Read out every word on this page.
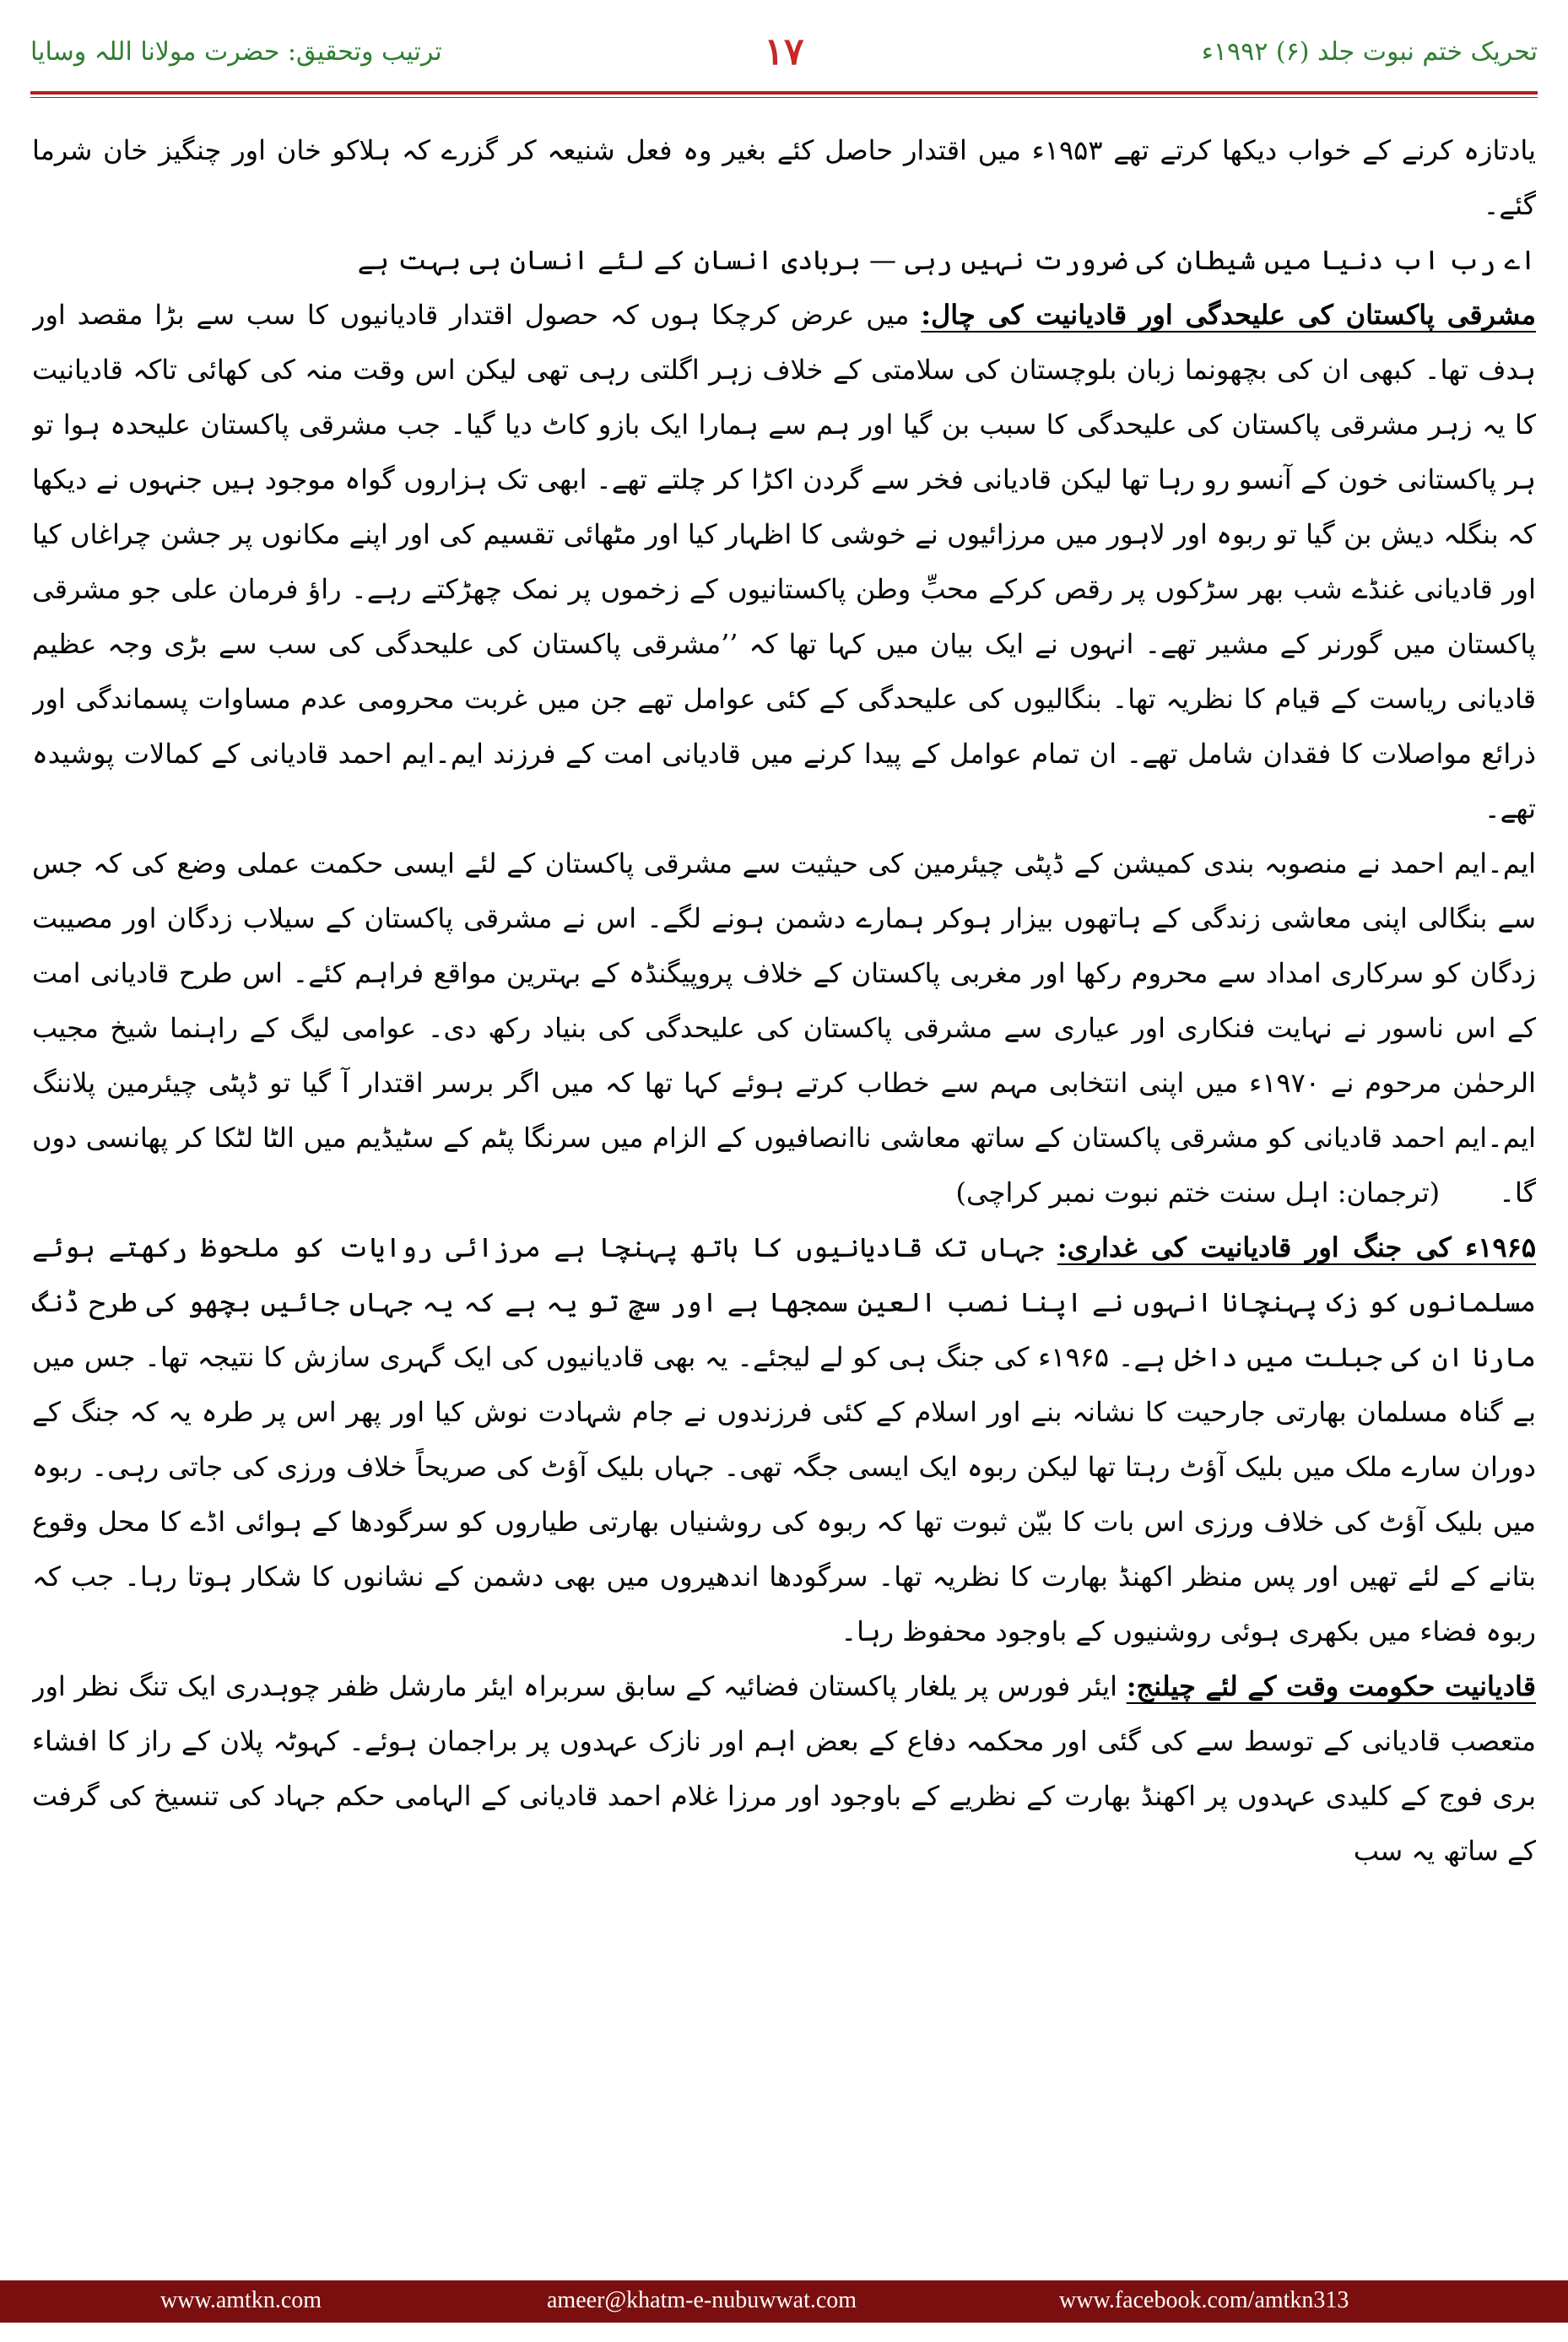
ترتیب وتحقیق: حضرت مولانا اللہ وسایا	۱۷	تحریک ختم نبوت جلد (۶) ۱۹۹۲ء

یادتازہ کرنے کے خواب دیکھا کرتے تھے ۱۹۵۳ء میں اقتدار حاصل کئے بغیر وہ فعل شنیعہ کر گزرے کہ ہلاکو خان اور چنگیز خان شرما گئے۔

اے رب اب دنیا میں شیطان کی ضرورت نہیں رہی — بربادی انسان کے لئے انسان ہی بہت ہے

مشرقی پاکستان کی علیحدگی اور قادیانیت کی چال: میں عرض کرچکا ہوں کہ حصول اقتدار قادیانیوں کا سب سے بڑا مقصد اور ہدف تھا۔ کبھی ان کی بچھونما زبان بلوچستان کی سلامتی کے خلاف زہر اگلتی رہی تھی لیکن اس وقت منہ کی کھائی تاکہ قادیانیت کا یہ زہر مشرقی پاکستان کی علیحدگی کا سبب بن گیا اور ہم سے ہمارا ایک بازو کاٹ دیا گیا۔ جب مشرقی پاکستان علیحدہ ہوا تو ہر پاکستانی خون کے آنسو رو رہا تھا لیکن قادیانی فخر سے گردن اکڑا کر چلتے تھے۔ ابھی تک ہزاروں گواہ موجود ہیں جنہوں نے دیکھا کہ بنگلہ دیش بن گیا تو ربوہ اور لاہور میں مرزائیوں نے خوشی کا اظہار کیا اور مٹھائی تقسیم کی اور اپنے مکانوں پر جشن چراغاں کیا اور قادیانی غنڈے شب بھر سڑکوں پر رقص کرکے محبِّ وطن پاکستانیوں کے زخموں پر نمک چھڑکتے رہے۔ راؤ فرمان علی جو مشرقی پاکستان میں گورنر کے مشیر تھے۔ انہوں نے ایک بیان میں کہا تھا کہ ’’مشرقی پاکستان کی علیحدگی کی سب سے بڑی وجہ عظیم قادیانی ریاست کے قیام کا نظریہ تھا۔ بنگالیوں کی علیحدگی کے کئی عوامل تھے جن میں غربت محرومی عدم مساوات پسماندگی اور ذرائع مواصلات کا فقدان شامل تھے۔ ان تمام عوامل کے پیدا کرنے میں قادیانی امت کے فرزند ایم۔ایم احمد قادیانی کے کمالات پوشیدہ تھے۔

ایم۔ایم احمد نے منصوبہ بندی کمیشن کے ڈپٹی چیئرمین کی حیثیت سے مشرقی پاکستان کے لئے ایسی حکمت عملی وضع کی کہ جس سے بنگالی اپنی معاشی زندگی کے ہاتھوں بیزار ہوکر ہمارے دشمن ہونے لگے۔ اس نے مشرقی پاکستان کے سیلاب زدگان اور مصیبت زدگان کو سرکاری امداد سے محروم رکھا اور مغربی پاکستان کے خلاف پروپیگنڈہ کے بہترین مواقع فراہم کئے۔ اس طرح قادیانی امت کے اس ناسور نے نہایت فنکاری اور عیاری سے مشرقی پاکستان کی علیحدگی کی بنیاد رکھ دی۔ عوامی لیگ کے راہنما شیخ مجیب الرحمٰن مرحوم نے ۱۹۷۰ء میں اپنی انتخابی مہم سے خطاب کرتے ہوئے کہا تھا کہ میں اگر برسر اقتدار آ گیا تو ڈپٹی چیئرمین پلاننگ ایم۔ایم احمد قادیانی کو مشرقی پاکستان کے ساتھ معاشی ناانصافیوں کے الزام میں سرنگا پٹم کے سٹیڈیم میں الٹا لٹکا کر پھانسی دوں گا۔ (ترجمان: اہل سنت ختم نبوت نمبر کراچی)

۱۹۶۵ء کی جنگ اور قادیانیت کی غداری: جہاں تک قادیانیوں کا ہاتھ پہنچا ہے مرزائی روایات کو ملحوظ رکھتے ہوئے مسلمانوں کو زک پہنچانا انہوں نے اپنا نصب العین سمجھا ہے اور سچ تو یہ ہے کہ یہ جہاں جائیں بچھو کی طرح ڈنگ مارنا ان کی جبلت میں داخل ہے۔ ۱۹۶۵ء کی جنگ ہی کو لے لیجئے۔ یہ بھی قادیانیوں کی ایک گہری سازش کا نتیجہ تھا۔ جس میں بے گناہ مسلمان بھارتی جارحیت کا نشانہ بنے اور اسلام کے کئی فرزندوں نے جام شہادت نوش کیا اور پھر اس پر طرہ یہ کہ جنگ کے دوران سارے ملک میں بلیک آؤٹ رہتا تھا لیکن ربوہ ایک ایسی جگہ تھی۔ جہاں بلیک آؤٹ کی صریحاً خلاف ورزی کی جاتی رہی۔ ربوہ میں بلیک آؤٹ کی خلاف ورزی اس بات کا بیّن ثبوت تھا کہ ربوہ کی روشنیاں بھارتی طیاروں کو سرگودھا کے ہوائی اڈے کا محل وقوع بتانے کے لئے تھیں اور پس منظر اکھنڈ بھارت کا نظریہ تھا۔ سرگودھا اندھیروں میں بھی دشمن کے نشانوں کا شکار ہوتا رہا۔ جب کہ ربوہ فضاء میں بکھری ہوئی روشنیوں کے باوجود محفوظ رہا۔

قادیانیت حکومت وقت کے لئے چیلنج: ایئر فورس پر یلغار پاکستان فضائیہ کے سابق سربراہ ایئر مارشل ظفر چوہدری ایک تنگ نظر اور متعصب قادیانی کے توسط سے کی گئی اور محکمہ دفاع کے بعض اہم اور نازک عہدوں پر براجمان ہوئے۔ کہوٹہ پلان کے راز کا افشاء بری فوج کے کلیدی عہدوں پر اکھنڈ بھارت کے نظریے کے باوجود اور مرزا غلام احمد قادیانی کے الہامی حکم جہاد کی تنسیخ کی گرفت کے ساتھ یہ سب

www.amtkn.com	ameer@khatm-e-nubuwwat.com	www.facebook.com/amtkn313
